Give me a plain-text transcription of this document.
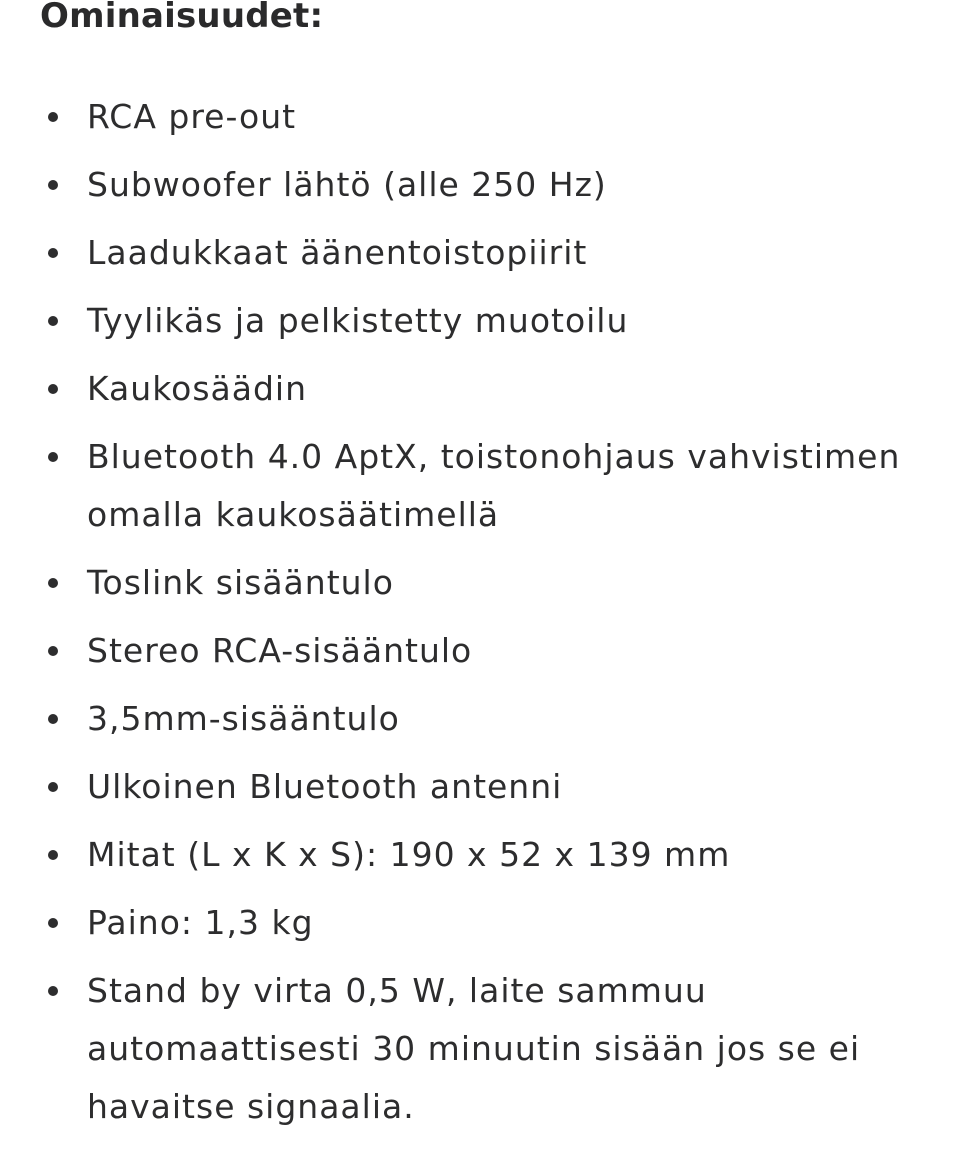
Ominaisuudet:
RCA pre-out
Subwoofer lähtö (alle 250 Hz)
Laadukkaat äänentoistopiirit
Tyylikäs ja pelkistetty muotoilu
Kaukosäädin
Bluetooth 4.0 AptX, toistonohjaus vahvistimen omalla kaukosäätimellä
Toslink sisääntulo
Stereo RCA-sisääntulo
3,5mm-sisääntulo
Ulkoinen Bluetooth antenni
Mitat (L x K x S): 190 x 52 x 139 mm
Paino: 1,3 kg
Stand by virta 0,5 W, laite sammuu automaattisesti 30 minuutin sisään jos se ei havaitse signaalia.
